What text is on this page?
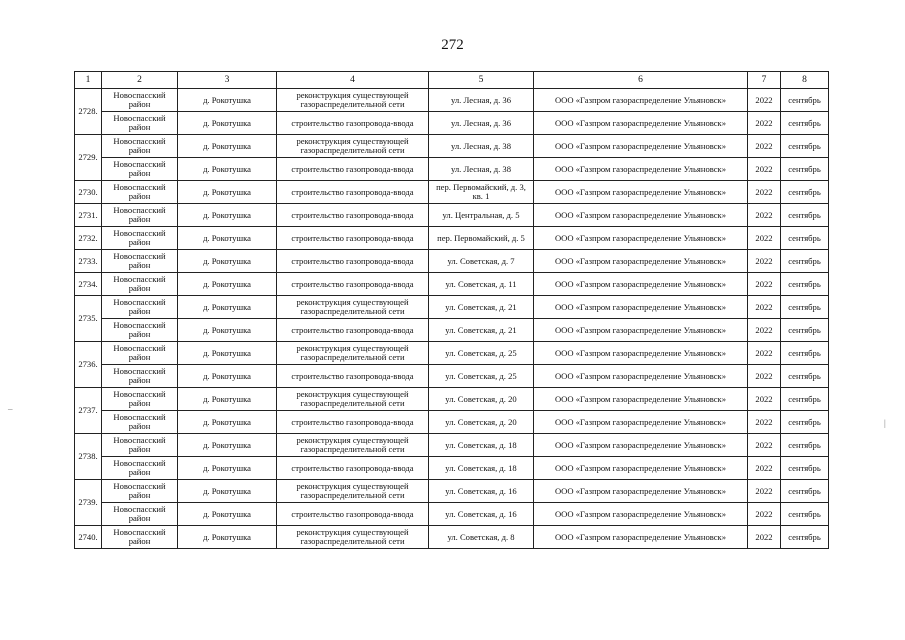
272
1	2	3	4	5	6	7	8
2728.	Новоспасский район	д. Рокотушка	реконструкция существующей газораспределительной сети	ул. Лесная, д. 36	ООО «Газпром газораспределение Ульяновск»	2022	сентябрь
	Новоспасский район	д. Рокотушка	строительство газопровода-ввода	ул. Лесная, д. 36	ООО «Газпром газораспределение Ульяновск»	2022	сентябрь
2729.	Новоспасский район	д. Рокотушка	реконструкция существующей газораспределительной сети	ул. Лесная, д. 38	ООО «Газпром газораспределение Ульяновск»	2022	сентябрь
	Новоспасский район	д. Рокотушка	строительство газопровода-ввода	ул. Лесная, д. 38	ООО «Газпром газораспределение Ульяновск»	2022	сентябрь
2730.	Новоспасский район	д. Рокотушка	строительство газопровода-ввода	пер. Первомайский, д. 3, кв. 1	ООО «Газпром газораспределение Ульяновск»	2022	сентябрь
2731.	Новоспасский район	д. Рокотушка	строительство газопровода-ввода	ул. Центральная, д. 5	ООО «Газпром газораспределение Ульяновск»	2022	сентябрь
2732.	Новоспасский район	д. Рокотушка	строительство газопровода-ввода	пер. Первомайский, д. 5	ООО «Газпром газораспределение Ульяновск»	2022	сентябрь
2733.	Новоспасский район	д. Рокотушка	строительство газопровода-ввода	ул. Советская, д. 7	ООО «Газпром газораспределение Ульяновск»	2022	сентябрь
2734.	Новоспасский район	д. Рокотушка	строительство газопровода-ввода	ул. Советская, д. 11	ООО «Газпром газораспределение Ульяновск»	2022	сентябрь
2735.	Новоспасский район	д. Рокотушка	реконструкция существующей газораспределительной сети	ул. Советская, д. 21	ООО «Газпром газораспределение Ульяновск»	2022	сентябрь
	Новоспасский район	д. Рокотушка	строительство газопровода-ввода	ул. Советская, д. 21	ООО «Газпром газораспределение Ульяновск»	2022	сентябрь
2736.	Новоспасский район	д. Рокотушка	реконструкция существующей газораспределительной сети	ул. Советская, д. 25	ООО «Газпром газораспределение Ульяновск»	2022	сентябрь
	Новоспасский район	д. Рокотушка	строительство газопровода-ввода	ул. Советская, д. 25	ООО «Газпром газораспределение Ульяновск»	2022	сентябрь
2737.	Новоспасский район	д. Рокотушка	реконструкция существующей газораспределительной сети	ул. Советская, д. 20	ООО «Газпром газораспределение Ульяновск»	2022	сентябрь
	Новоспасский район	д. Рокотушка	строительство газопровода-ввода	ул. Советская, д. 20	ООО «Газпром газораспределение Ульяновск»	2022	сентябрь
2738.	Новоспасский район	д. Рокотушка	реконструкция существующей газораспределительной сети	ул. Советская, д. 18	ООО «Газпром газораспределение Ульяновск»	2022	сентябрь
	Новоспасский район	д. Рокотушка	строительство газопровода-ввода	ул. Советская, д. 18	ООО «Газпром газораспределение Ульяновск»	2022	сентябрь
2739.	Новоспасский район	д. Рокотушка	реконструкция существующей газораспределительной сети	ул. Советская, д. 16	ООО «Газпром газораспределение Ульяновск»	2022	сентябрь
	Новоспасский район	д. Рокотушка	строительство газопровода-ввода	ул. Советская, д. 16	ООО «Газпром газораспределение Ульяновск»	2022	сентябрь
2740.	Новоспасский район	д. Рокотушка	реконструкция существующей газораспределительной сети	ул. Советская, д. 8	ООО «Газпром газораспределение Ульяновск»	2022	сентябрь
–
|
